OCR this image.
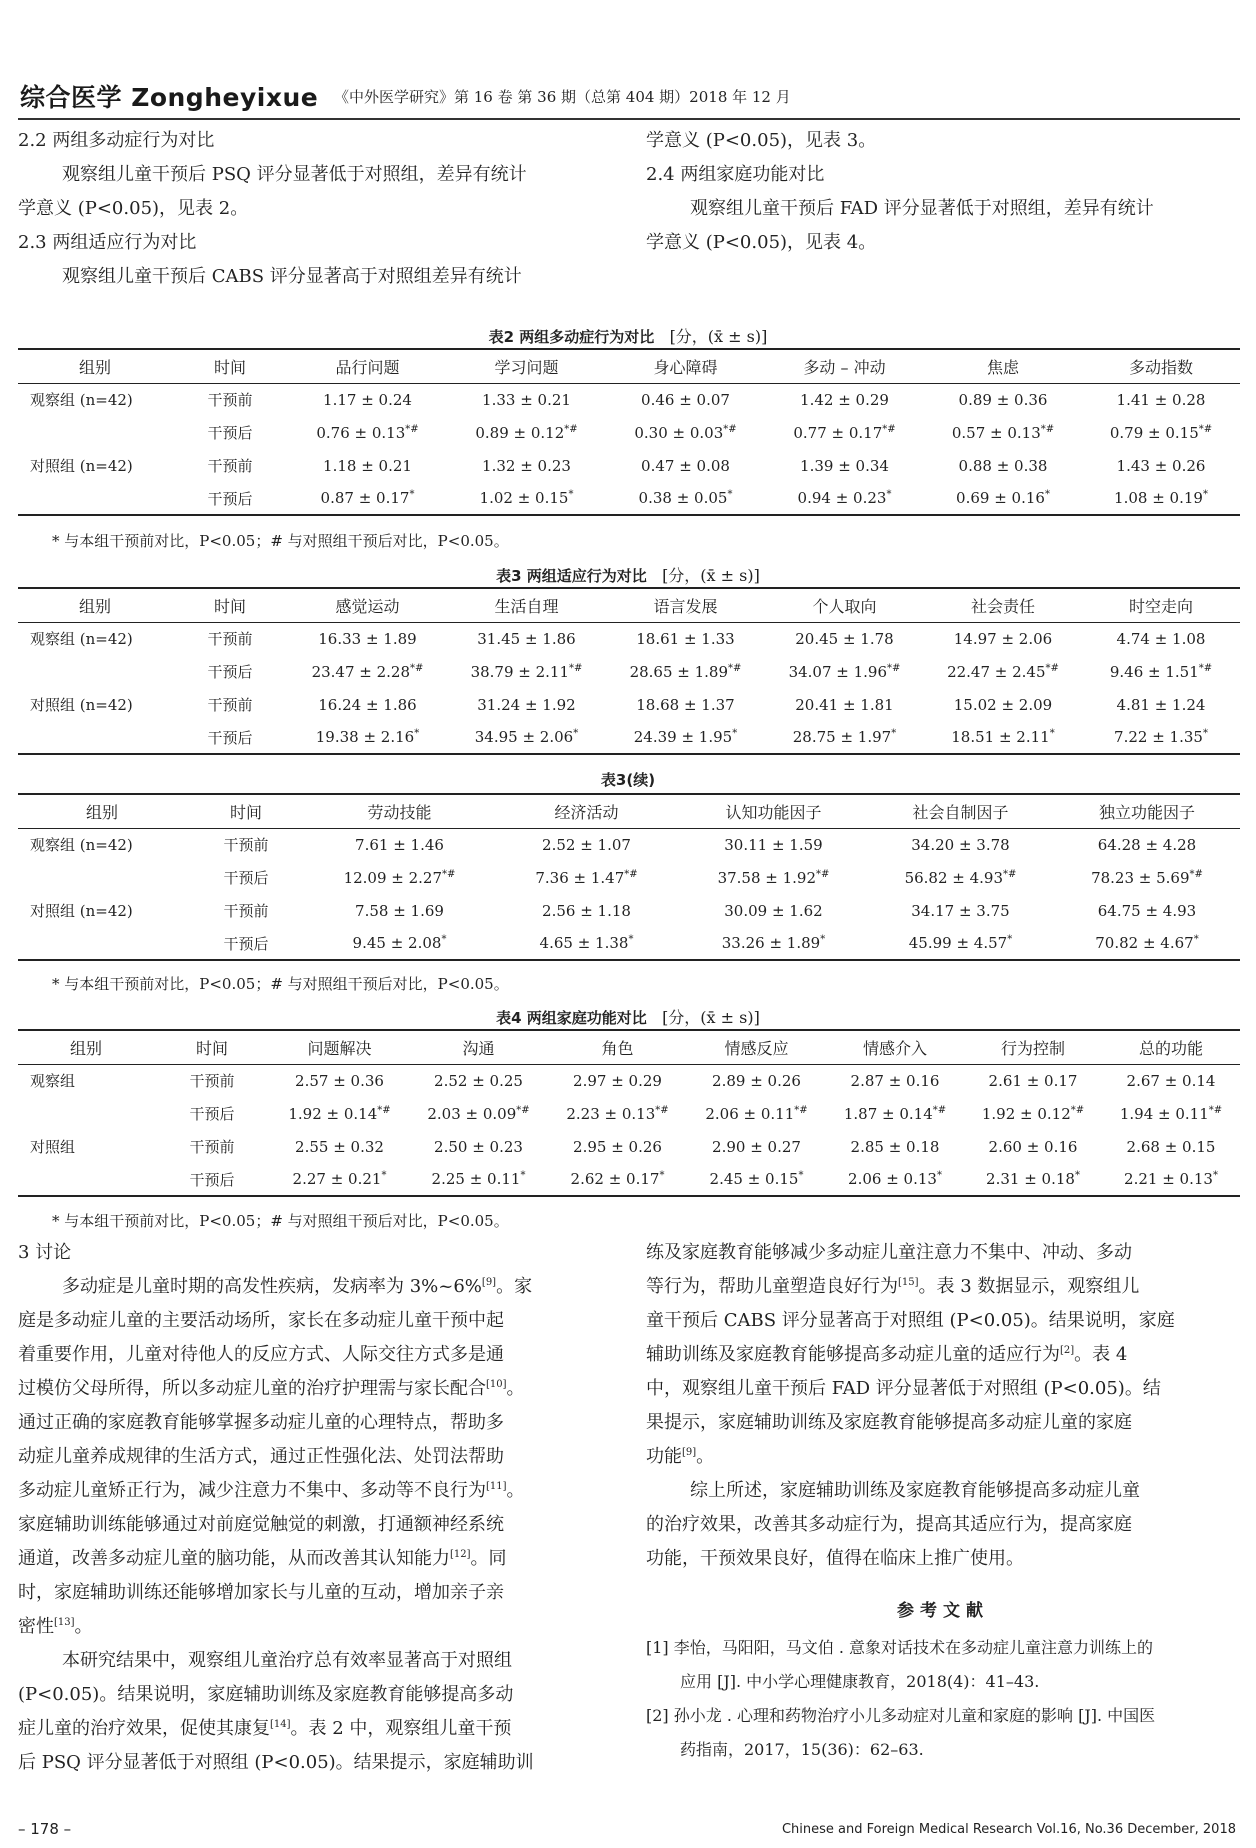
综合医学 Zongheyixue 《中外医学研究》第 16 卷 第 36 期（总第 404 期）2018 年 12 月
2.2 两组多动症行为对比
观察组儿童干预后 PSQ 评分显著低于对照组，差异有统计
学意义 (P<0.05)，见表 2。
2.3 两组适应行为对比
观察组儿童干预后 CABS 评分显著高于对照组差异有统计
学意义 (P<0.05)，见表 3。
2.4 两组家庭功能对比
观察组儿童干预后 FAD 评分显著低于对照组，差异有统计
学意义 (P<0.05)，见表 4。
表2 两组多动症行为对比 [分，(x̄ ± s)]
组别	时间	品行问题	学习问题	身心障碍	多动 – 冲动	焦虑	多动指数
观察组 (n=42)	干预前	1.17 ± 0.24	1.33 ± 0.21	0.46 ± 0.07	1.42 ± 0.29	0.89 ± 0.36	1.41 ± 0.28
	干预后	0.76 ± 0.13*#	0.89 ± 0.12*#	0.30 ± 0.03*#	0.77 ± 0.17*#	0.57 ± 0.13*#	0.79 ± 0.15*#
对照组 (n=42)	干预前	1.18 ± 0.21	1.32 ± 0.23	0.47 ± 0.08	1.39 ± 0.34	0.88 ± 0.38	1.43 ± 0.26
	干预后	0.87 ± 0.17*	1.02 ± 0.15*	0.38 ± 0.05*	0.94 ± 0.23*	0.69 ± 0.16*	1.08 ± 0.19*
* 与本组干预前对比，P<0.05；# 与对照组干预后对比，P<0.05。
表3 两组适应行为对比 [分，(x̄ ± s)]
组别	时间	感觉运动	生活自理	语言发展	个人取向	社会责任	时空走向
观察组 (n=42)	干预前	16.33 ± 1.89	31.45 ± 1.86	18.61 ± 1.33	20.45 ± 1.78	14.97 ± 2.06	4.74 ± 1.08
	干预后	23.47 ± 2.28*#	38.79 ± 2.11*#	28.65 ± 1.89*#	34.07 ± 1.96*#	22.47 ± 2.45*#	9.46 ± 1.51*#
对照组 (n=42)	干预前	16.24 ± 1.86	31.24 ± 1.92	18.68 ± 1.37	20.41 ± 1.81	15.02 ± 2.09	4.81 ± 1.24
	干预后	19.38 ± 2.16*	34.95 ± 2.06*	24.39 ± 1.95*	28.75 ± 1.97*	18.51 ± 2.11*	7.22 ± 1.35*
表3(续)
组别	时间	劳动技能	经济活动	认知功能因子	社会自制因子	独立功能因子
观察组 (n=42)	干预前	7.61 ± 1.46	2.52 ± 1.07	30.11 ± 1.59	34.20 ± 3.78	64.28 ± 4.28
	干预后	12.09 ± 2.27*#	7.36 ± 1.47*#	37.58 ± 1.92*#	56.82 ± 4.93*#	78.23 ± 5.69*#
对照组 (n=42)	干预前	7.58 ± 1.69	2.56 ± 1.18	30.09 ± 1.62	34.17 ± 3.75	64.75 ± 4.93
	干预后	9.45 ± 2.08*	4.65 ± 1.38*	33.26 ± 1.89*	45.99 ± 4.57*	70.82 ± 4.67*
* 与本组干预前对比，P<0.05；# 与对照组干预后对比，P<0.05。
表4 两组家庭功能对比 [分，(x̄ ± s)]
组别	时间	问题解决	沟通	角色	情感反应	情感介入	行为控制	总的功能
观察组	干预前	2.57 ± 0.36	2.52 ± 0.25	2.97 ± 0.29	2.89 ± 0.26	2.87 ± 0.16	2.61 ± 0.17	2.67 ± 0.14
	干预后	1.92 ± 0.14*#	2.03 ± 0.09*#	2.23 ± 0.13*#	2.06 ± 0.11*#	1.87 ± 0.14*#	1.92 ± 0.12*#	1.94 ± 0.11*#
对照组	干预前	2.55 ± 0.32	2.50 ± 0.23	2.95 ± 0.26	2.90 ± 0.27	2.85 ± 0.18	2.60 ± 0.16	2.68 ± 0.15
	干预后	2.27 ± 0.21*	2.25 ± 0.11*	2.62 ± 0.17*	2.45 ± 0.15*	2.06 ± 0.13*	2.31 ± 0.18*	2.21 ± 0.13*
* 与本组干预前对比，P<0.05；# 与对照组干预后对比，P<0.05。
3 讨论
多动症是儿童时期的高发性疾病，发病率为 3%~6%[9]。家
庭是多动症儿童的主要活动场所，家长在多动症儿童干预中起
着重要作用，儿童对待他人的反应方式、人际交往方式多是通
过模仿父母所得，所以多动症儿童的治疗护理需与家长配合[10]。
通过正确的家庭教育能够掌握多动症儿童的心理特点，帮助多
动症儿童养成规律的生活方式，通过正性强化法、处罚法帮助
多动症儿童矫正行为，减少注意力不集中、多动等不良行为[11]。
家庭辅助训练能够通过对前庭觉触觉的刺激，打通额神经系统
通道，改善多动症儿童的脑功能，从而改善其认知能力[12]。同
时，家庭辅助训练还能够增加家长与儿童的互动，增加亲子亲
密性[13]。
本研究结果中，观察组儿童治疗总有效率显著高于对照组
(P<0.05)。结果说明，家庭辅助训练及家庭教育能够提高多动
症儿童的治疗效果，促使其康复[14]。表 2 中，观察组儿童干预
后 PSQ 评分显著低于对照组 (P<0.05)。结果提示，家庭辅助训
练及家庭教育能够减少多动症儿童注意力不集中、冲动、多动
等行为，帮助儿童塑造良好行为[15]。表 3 数据显示，观察组儿
童干预后 CABS 评分显著高于对照组 (P<0.05)。结果说明，家庭
辅助训练及家庭教育能够提高多动症儿童的适应行为[2]。表 4
中，观察组儿童干预后 FAD 评分显著低于对照组 (P<0.05)。结
果提示，家庭辅助训练及家庭教育能够提高多动症儿童的家庭
功能[9]。
综上所述，家庭辅助训练及家庭教育能够提高多动症儿童
的治疗效果，改善其多动症行为，提高其适应行为，提高家庭
功能，干预效果良好，值得在临床上推广使用。
参考文献
[1] 李怡，马阳阳，马文伯 . 意象对话技术在多动症儿童注意力训练上的
应用 [J]. 中小学心理健康教育，2018(4)：41–43.
[2] 孙小龙 . 心理和药物治疗小儿多动症对儿童和家庭的影响 [J]. 中国医
药指南，2017，15(36)：62–63.
– 178 –	Chinese and Foreign Medical Research Vol.16, No.36 December, 2018
